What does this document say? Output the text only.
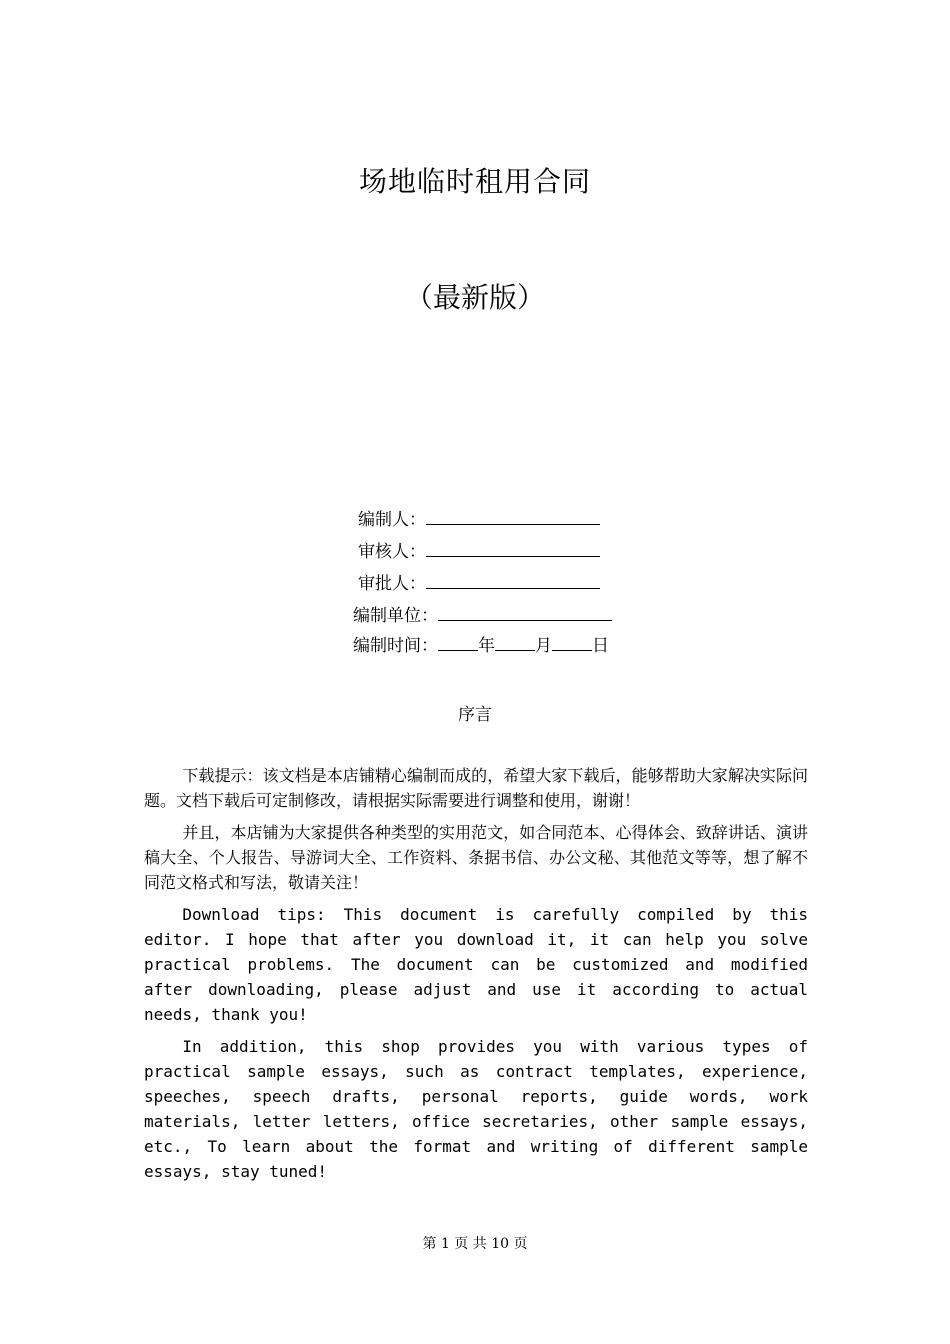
场地临时租用合同
（最新版）
编制人：
审核人：
审批人：
编制单位：
编制时间： 年 月 日
序言

下载提示：该文档是本店铺精心编制而成的，希望大家下载后，能够帮助大家解决实际问题。文档下载后可定制修改，请根据实际需要进行调整和使用，谢谢！

并且，本店铺为大家提供各种类型的实用范文，如合同范本、心得体会、致辞讲话、演讲稿大全、个人报告、导游词大全、工作资料、条据书信、办公文秘、其他范文等等，想了解不同范文格式和写法，敬请关注！

Download tips: This document is carefully compiled by this editor. I hope that after you download it, it can help you solve practical problems. The document can be customized and modified after downloading, please adjust and use it according to actual needs, thank you!

In addition, this shop provides you with various types of practical sample essays, such as contract templates, experience, speeches, speech drafts, personal reports, guide words, work materials, letter letters, office secretaries, other sample essays, etc., To learn about the format and writing of different sample essays, stay tuned!

第 1 页 共 10 页
